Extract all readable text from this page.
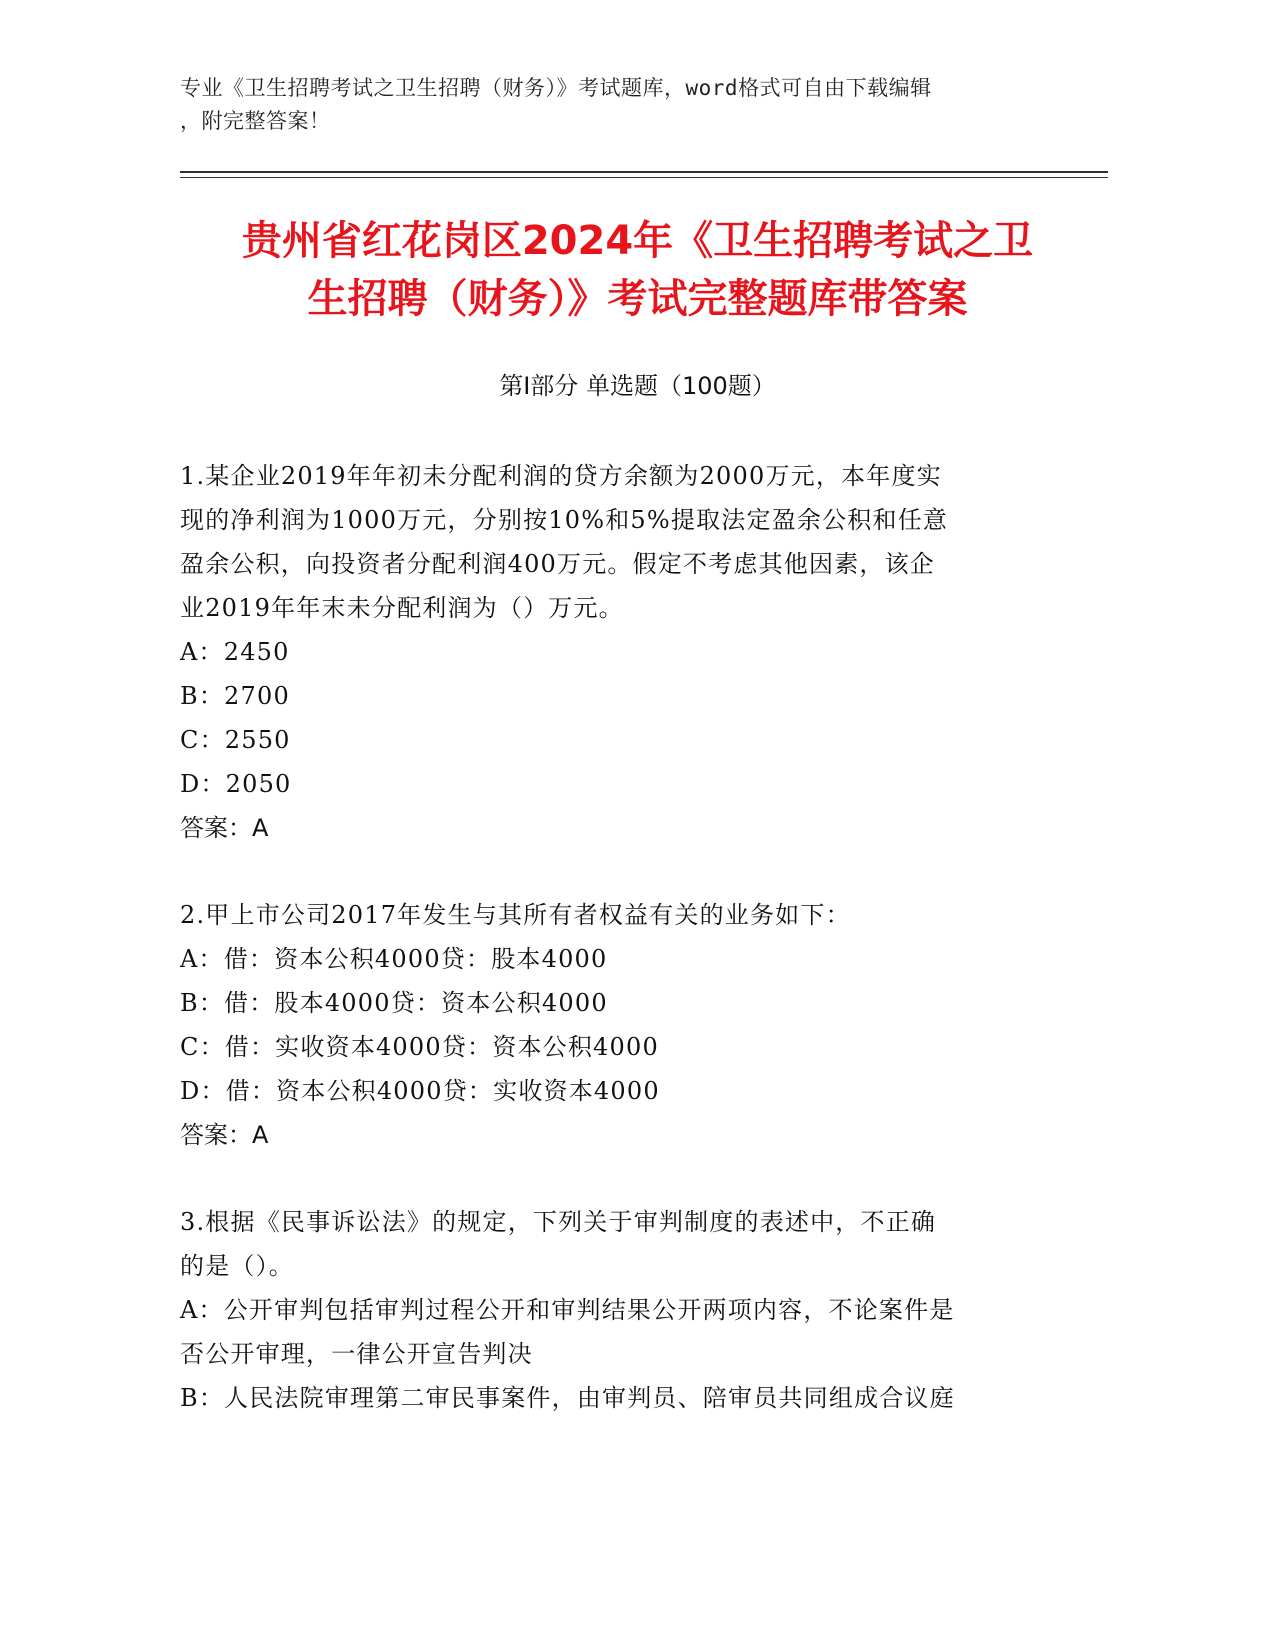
专业《卫生招聘考试之卫生招聘（财务）》考试题库，word格式可自由下载编辑
，附完整答案！
贵州省红花岗区2024年《卫生招聘考试之卫
生招聘（财务）》考试完整题库带答案
第Ⅰ部分 单选题（100题）

1.某企业2019年年初未分配利润的贷方余额为2000万元，本年度实

现的净利润为1000万元，分别按10%和5%提取法定盈余公积和任意

盈余公积，向投资者分配利润400万元。假定不考虑其他因素，该企

业2019年年末未分配利润为（）万元。

A：2450

B：2700

C：2550

D：2050

答案：A

2.甲上市公司2017年发生与其所有者权益有关的业务如下：

A：借：资本公积4000贷：股本4000

B：借：股本4000贷：资本公积4000

C：借：实收资本4000贷：资本公积4000

D：借：资本公积4000贷：实收资本4000

答案：A

3.根据《民事诉讼法》的规定，下列关于审判制度的表述中，不正确

的是（）。

A：公开审判包括审判过程公开和审判结果公开两项内容，不论案件是

否公开审理，一律公开宣告判决

B：人民法院审理第二审民事案件，由审判员、陪审员共同组成合议庭
